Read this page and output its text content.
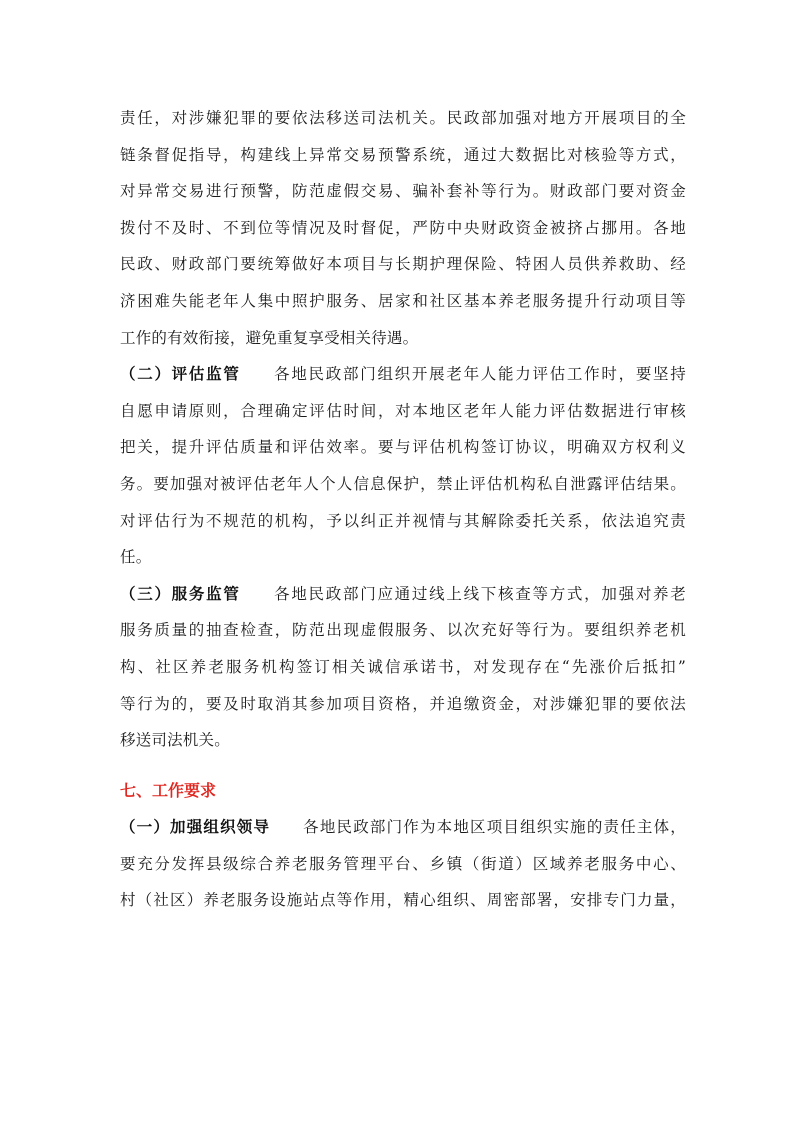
责任，对涉嫌犯罪的要依法移送司法机关。民政部加强对地方开展项目的全
链条督促指导，构建线上异常交易预警系统，通过大数据比对核验等方式，
对异常交易进行预警，防范虚假交易、骗补套补等行为。财政部门要对资金
拨付不及时、不到位等情况及时督促，严防中央财政资金被挤占挪用。各地
民政、财政部门要统筹做好本项目与长期护理保险、特困人员供养救助、经
济困难失能老年人集中照护服务、居家和社区基本养老服务提升行动项目等
工作的有效衔接，避免重复享受相关待遇。
（二）评估监管 各地民政部门组织开展老年人能力评估工作时，要坚持
自愿申请原则，合理确定评估时间，对本地区老年人能力评估数据进行审核
把关，提升评估质量和评估效率。要与评估机构签订协议，明确双方权利义
务。要加强对被评估老年人个人信息保护，禁止评估机构私自泄露评估结果。
对评估行为不规范的机构，予以纠正并视情与其解除委托关系，依法追究责
任。
（三）服务监管 各地民政部门应通过线上线下核查等方式，加强对养老
服务质量的抽查检查，防范出现虚假服务、以次充好等行为。要组织养老机
构、社区养老服务机构签订相关诚信承诺书，对发现存在“先涨价后抵扣”
等行为的，要及时取消其参加项目资格，并追缴资金，对涉嫌犯罪的要依法
移送司法机关。
七、工作要求
（一）加强组织领导 各地民政部门作为本地区项目组织实施的责任主体，
要充分发挥县级综合养老服务管理平台、乡镇（街道）区域养老服务中心、
村（社区）养老服务设施站点等作用，精心组织、周密部署，安排专门力量，
